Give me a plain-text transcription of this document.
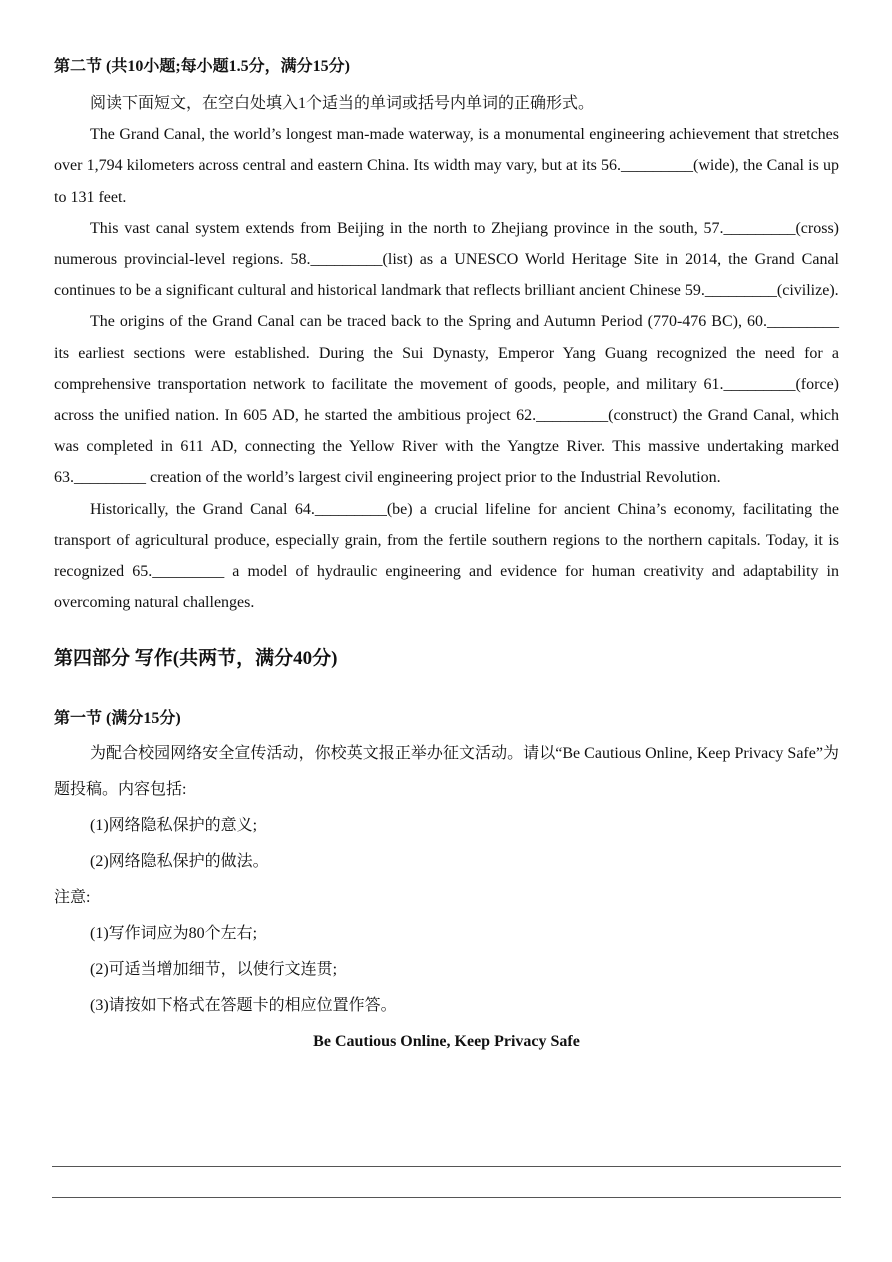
第二节 (共10小题;每小题1.5分，满分15分)

阅读下面短文，在空白处填入1个适当的单词或括号内单词的正确形式。

The Grand Canal, the world’s longest man-made waterway, is a monumental engineering achievement that stretches over 1,794 kilometers across central and eastern China. Its width may vary, but at its 56._________(wide), the Canal is up to 131 feet.

This vast canal system extends from Beijing in the north to Zhejiang province in the south, 57._________(cross) numerous provincial-level regions. 58._________(list) as a UNESCO World Heritage Site in 2014, the Grand Canal continues to be a significant cultural and historical landmark that reflects brilliant ancient Chinese 59._________(civilize).

The origins of the Grand Canal can be traced back to the Spring and Autumn Period (770-476 BC), 60._________ its earliest sections were established. During the Sui Dynasty, Emperor Yang Guang recognized the need for a comprehensive transportation network to facilitate the movement of goods, people, and military 61._________(force) across the unified nation. In 605 AD, he started the ambitious project 62._________(construct) the Grand Canal, which was completed in 611 AD, connecting the Yellow River with the Yangtze River. This massive undertaking marked 63._________ creation of the world’s largest civil engineering project prior to the Industrial Revolution.

Historically, the Grand Canal 64._________(be) a crucial lifeline for ancient China’s economy, facilitating the transport of agricultural produce, especially grain, from the fertile southern regions to the northern capitals. Today, it is recognized 65._________ a model of hydraulic engineering and evidence for human creativity and adaptability in overcoming natural challenges.

第四部分 写作(共两节，满分40分)
第一节 (满分15分)

为配合校园网络安全宣传活动，你校英文报正举办征文活动。请以“Be Cautious Online, Keep Privacy Safe”为题投稿。内容包括:

(1)网络隐私保护的意义;
(2)网络隐私保护的做法。
注意:
(1)写作词应为80个左右;
(2)可适当增加细节，以使行文连贯;
(3)请按如下格式在答题卡的相应位置作答。
Be Cautious Online, Keep Privacy Safe
